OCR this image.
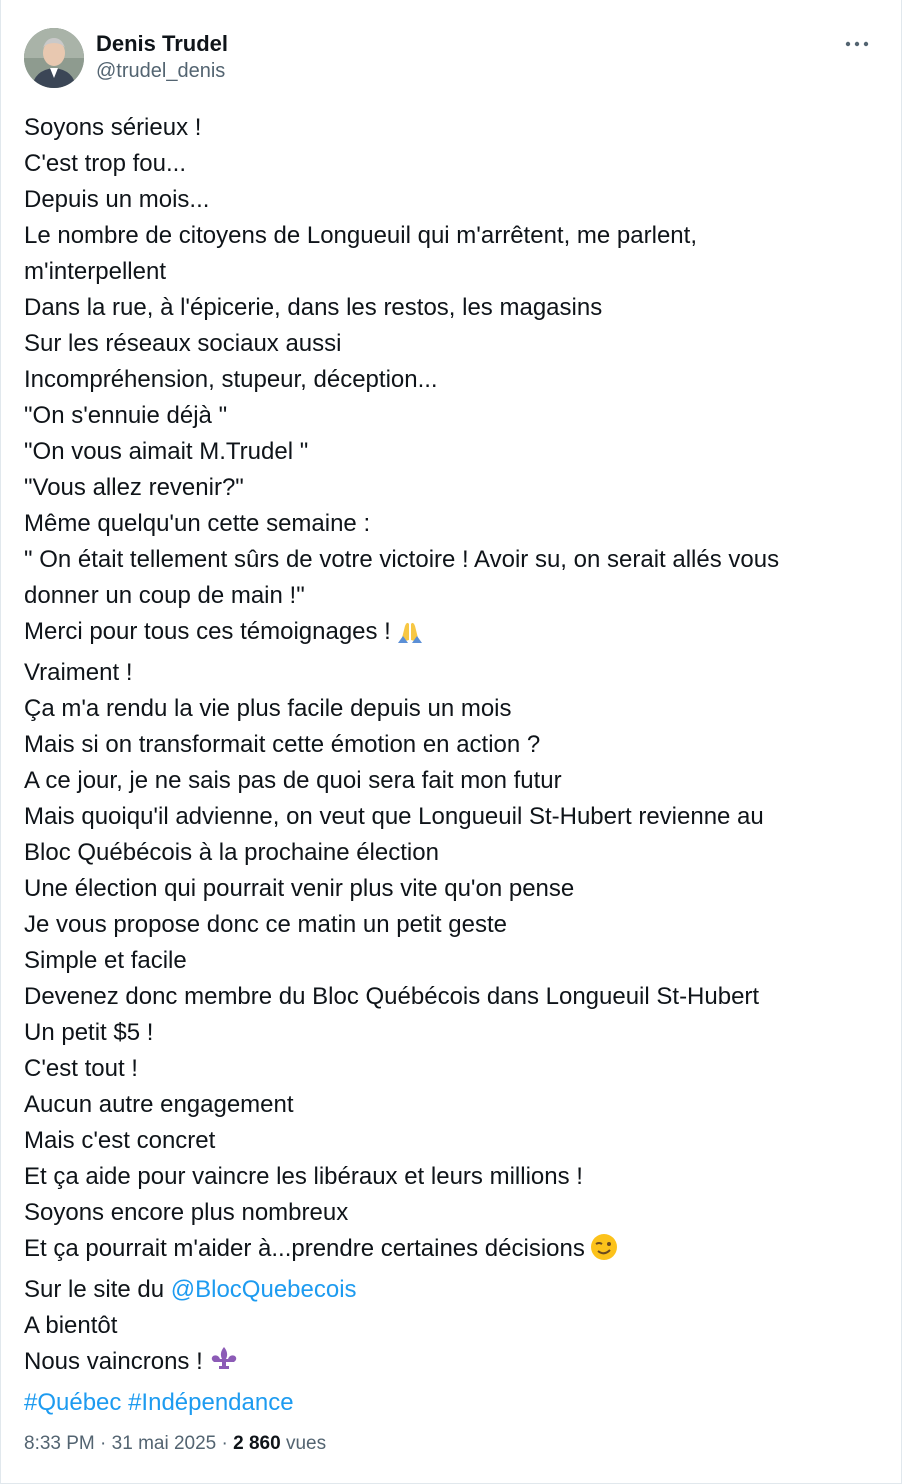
Denis Trudel
@trudel_denis
Soyons sérieux !
C'est trop fou...
Depuis un mois...
Le nombre de citoyens de Longueuil qui m'arrêtent, me parlent,
m'interpellent
Dans la rue, à l'épicerie, dans les restos, les magasins
Sur les réseaux sociaux aussi
Incompréhension, stupeur, déception...
"On s'ennuie déjà "
"On vous aimait M.Trudel "
"Vous allez revenir?"
Même quelqu'un cette semaine :
" On était tellement sûrs de votre victoire ! Avoir su, on serait allés vous
donner un coup de main !"
Merci pour tous ces témoignages !
Vraiment !
Ça m'a rendu la vie plus facile depuis un mois
Mais si on transformait cette émotion en action ?
A ce jour, je ne sais pas de quoi sera fait mon futur
Mais quoiqu'il advienne, on veut que Longueuil St-Hubert revienne au
Bloc Québécois à la prochaine élection
Une élection qui pourrait venir plus vite qu'on pense
Je vous propose donc ce matin un petit geste
Simple et facile
Devenez donc membre du Bloc Québécois dans Longueuil St-Hubert
Un petit $5 !
C'est tout !
Aucun autre engagement
Mais c'est concret
Et ça aide pour vaincre les libéraux et leurs millions !
Soyons encore plus nombreux
Et ça pourrait m'aider à...prendre certaines décisions
Sur le site du @BlocQuebecois
A bientôt
Nous vaincrons !
#Québec #Indépendance
8:33 PM · 31 mai 2025 · 2 860 vues
